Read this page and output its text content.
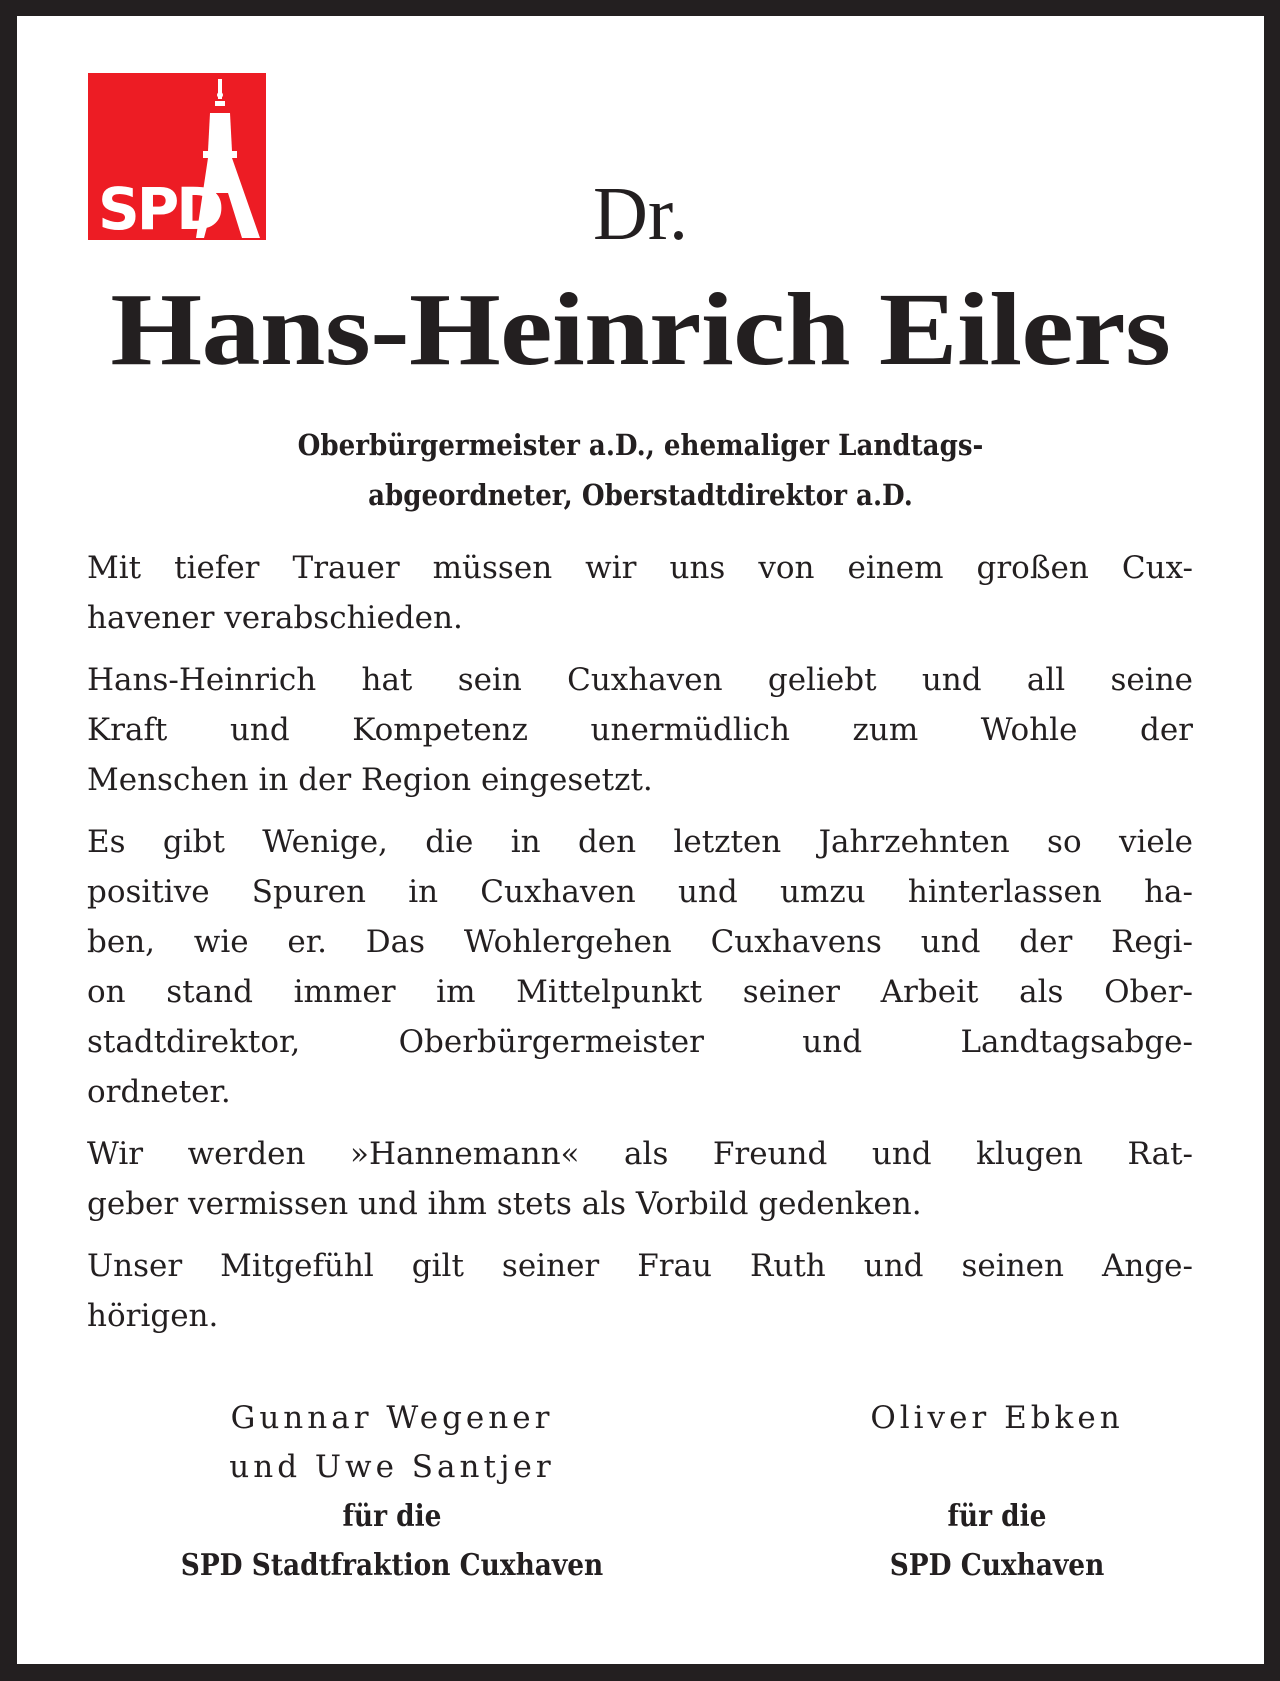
SPD	Dr.
Hans-Heinrich Eilers
Oberbürgermeister a.D., ehemaliger Landtags-
abgeordneter, Oberstadtdirektor a.D.
Mit tiefer Trauer müssen wir uns von einem großen Cux-
havener verabschieden.
Hans-Heinrich hat sein Cuxhaven geliebt und all seine
Kraft und Kompetenz unermüdlich zum Wohle der
Menschen in der Region eingesetzt.
Es gibt Wenige, die in den letzten Jahrzehnten so viele
positive Spuren in Cuxhaven und umzu hinterlassen ha-
ben, wie er. Das Wohlergehen Cuxhavens und der Regi-
on stand immer im Mittelpunkt seiner Arbeit als Ober-
stadtdirektor, Oberbürgermeister und Landtagsabge-
ordneter.
Wir werden »Hannemann« als Freund und klugen Rat-
geber vermissen und ihm stets als Vorbild gedenken.
Unser Mitgefühl gilt seiner Frau Ruth und seinen Ange-
hörigen.
Gunnar Wegener
und Uwe Santjer
für die
SPD Stadtfraktion Cuxhaven
Oliver Ebken
für die
SPD Cuxhaven
